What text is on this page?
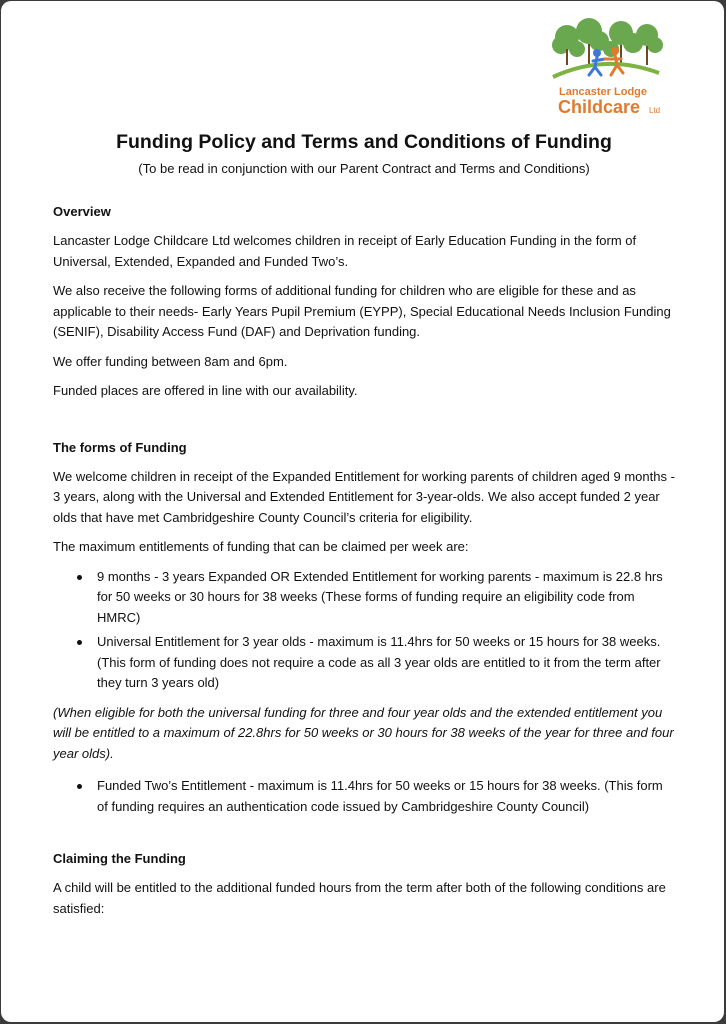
Lancaster Lodge
Childcare Ltd
Funding Policy and Terms and Conditions of Funding

(To be read in conjunction with our Parent Contract and Terms and Conditions)

Overview

Lancaster Lodge Childcare Ltd welcomes children in receipt of Early Education Funding in the form of Universal, Extended, Expanded and Funded Two’s.

We also receive the following forms of additional funding for children who are eligible for these and as applicable to their needs- Early Years Pupil Premium (EYPP), Special Educational Needs Inclusion Funding (SENIF), Disability Access Fund (DAF) and Deprivation funding.

We offer funding between 8am and 6pm.

Funded places are offered in line with our availability.

The forms of Funding

We welcome children in receipt of the Expanded Entitlement for working parents of children aged 9 months - 3 years, along with the Universal and Extended Entitlement for 3-year-olds. We also accept funded 2 year olds that have met Cambridgeshire County Council’s criteria for eligibility.

The maximum entitlements of funding that can be claimed per week are:

9 months - 3 years Expanded OR Extended Entitlement for working parents - maximum is 22.8 hrs for 50 weeks or 30 hours for 38 weeks (These forms of funding require an eligibility code from HMRC)
Universal Entitlement for 3 year olds - maximum is 11.4hrs for 50 weeks or 15 hours for 38 weeks. (This form of funding does not require a code as all 3 year olds are entitled to it from the term after they turn 3 years old)

(When eligible for both the universal funding for three and four year olds and the extended entitlement you will be entitled to a maximum of 22.8hrs for 50 weeks or 30 hours for 38 weeks of the year for three and four year olds).

Funded Two’s Entitlement - maximum is 11.4hrs for 50 weeks or 15 hours for 38 weeks. (This form of funding requires an authentication code issued by Cambridgeshire County Council)
Claiming the Funding

A child will be entitled to the additional funded hours from the term after both of the following conditions are satisfied:
